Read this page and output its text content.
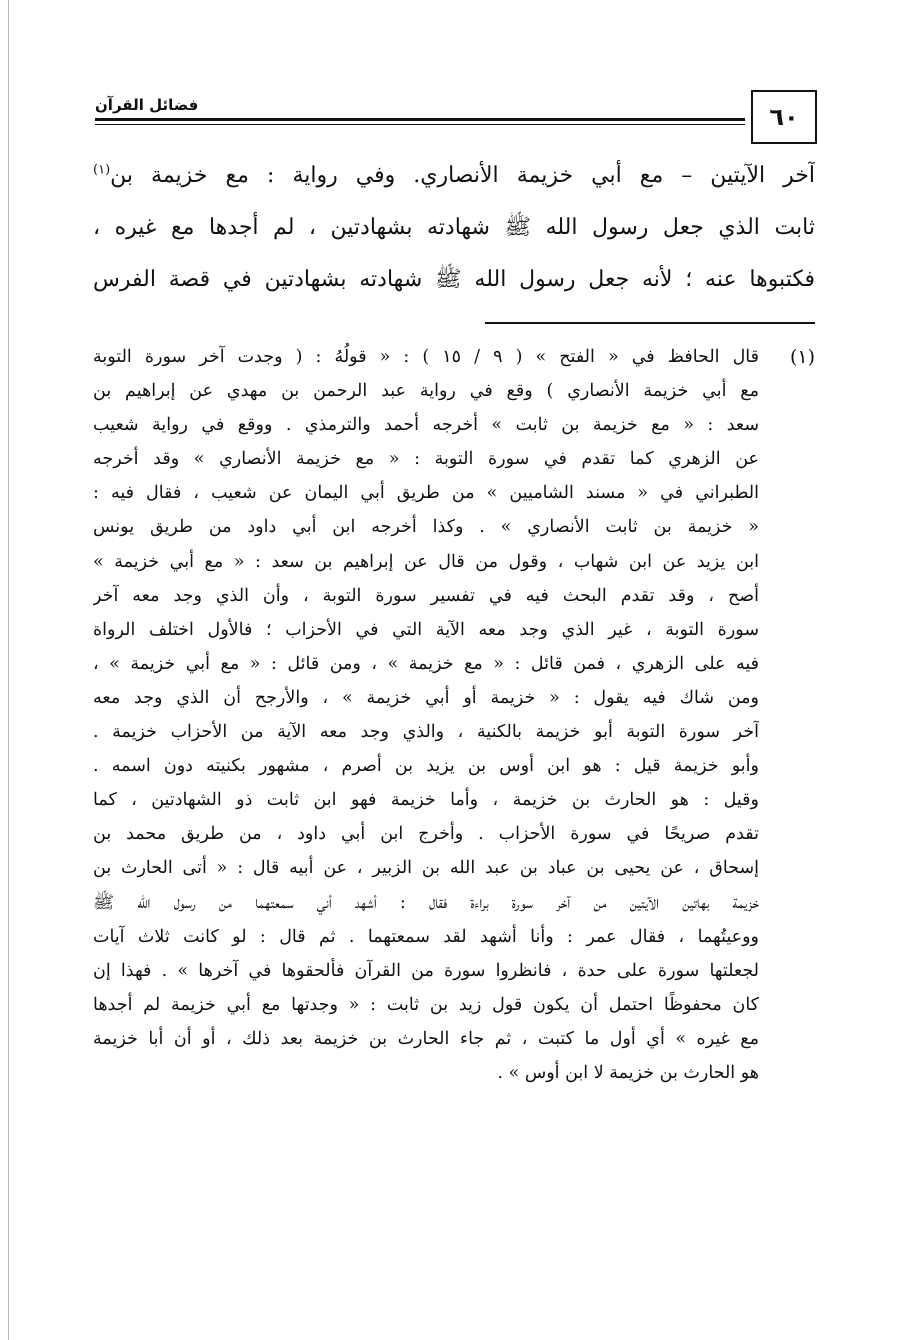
٦٠
فضائل القرآن
آخر الآيتين – مع أبي خزيمة الأنصاري. وفي رواية : مع خزيمة بن$^{(١)}$
ثابت الذي جعل رسول الله ﷺ شهادته بشهادتين ، لم أجدها مع غيره ،
فكتبوها عنه ؛ لأنه جعل رسول الله ﷺ شهادته بشهادتين في قصة الفرس
(١)
قال الحافظ في « الفتح » ( ٩ / ١٥ ) : « قولُهُ : ( وجدت آخر سورة التوبة
مع أبي خزيمة الأنصاري ) وقع في رواية عبد الرحمن بن مهدي عن إبراهيم بن
سعد : « مع خزيمة بن ثابت » أخرجه أحمد والترمذي . ووقع في رواية شعيب
عن الزهري كما تقدم في سورة التوبة : « مع خزيمة الأنصاري » وقد أخرجه
الطبراني في « مسند الشاميين » من طريق أبي اليمان عن شعيب ، فقال فيه :
« خزيمة بن ثابت الأنصاري » . وكذا أخرجه ابن أبي داود من طريق يونس
ابن يزيد عن ابن شهاب ، وقول من قال عن إبراهيم بن سعد : « مع أبي خزيمة »
أصح ، وقد تقدم البحث فيه في تفسير سورة التوبة ، وأن الذي وجد معه آخر
سورة التوبة ، غير الذي وجد معه الآية التي في الأحزاب ؛ فالأول اختلف الرواة
فيه على الزهري ، فمن قائل : « مع خزيمة » ، ومن قائل : « مع أبي خزيمة » ،
ومن شاك فيه يقول : « خزيمة أو أبي خزيمة » ، والأرجح أن الذي وجد معه
آخر سورة التوبة أبو خزيمة بالكنية ، والذي وجد معه الآية من الأحزاب خزيمة .
وأبو خزيمة قيل : هو ابن أوس بن يزيد بن أصرم ، مشهور بكنيته دون اسمه .
وقيل : هو الحارث بن خزيمة ، وأما خزيمة فهو ابن ثابت ذو الشهادتين ، كما
تقدم صريحًا في سورة الأحزاب . وأخرج ابن أبي داود ، من طريق محمد بن
إسحاق ، عن يحيى بن عباد بن عبد الله بن الزبير ، عن أبيه قال : « أتى الحارث بن
خزيمة بهاتين الآيتين من آخر سورة براءة فقال : أشهد أني سمعتهما من رسول الله ﷺ
ووعيتُهما ، فقال عمر : وأنا أشهد لقد سمعتهما . ثم قال : لو كانت ثلاث آيات
لجعلتها سورة على حدة ، فانظروا سورة من القرآن فألحقوها في آخرها » . فهذا إن
كان محفوظًا احتمل أن يكون قول زيد بن ثابت : « وجدتها مع أبي خزيمة لم أجدها
مع غيره » أي أول ما كتبت ، ثم جاء الحارث بن خزيمة بعد ذلك ، أو أن أبا خزيمة
هو الحارث بن خزيمة لا ابن أوس » .
